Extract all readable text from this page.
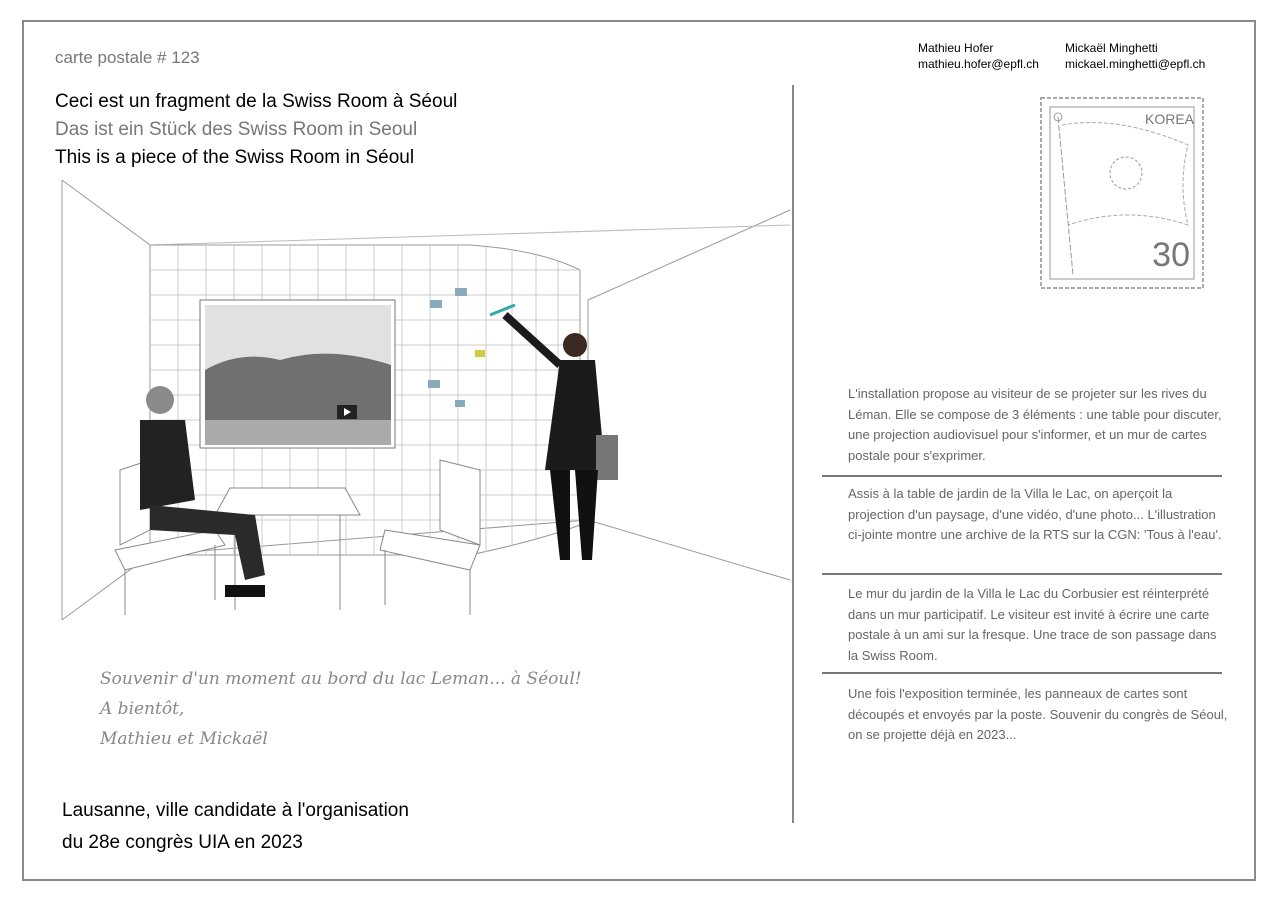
carte postale # 123
Ceci est un fragment de la Swiss Room à Séoul
Das ist ein Stück des Swiss Room in Seoul
This is a piece of the Swiss Room in Séoul
Souvenir d'un moment au bord du lac Leman... à Séoul!
A bientôt,
Mathieu et Mickaël
Lausanne, ville candidate à l'organisation
du 28e congrès UIA en 2023
Mathieu Hofer
mathieu.hofer@epfl.ch
Mickaël Minghetti
mickael.minghetti@epfl.ch
KOREA
30
L'installation propose au visiteur de se projeter sur les rives du Léman. Elle se compose de 3 éléments : une table pour discuter, une projection audiovisuel pour s'informer, et un mur de cartes postale pour s'exprimer.
Assis à la table de jardin de la Villa le Lac, on aperçoit la projection d'un paysage, d'une vidéo, d'une photo... L'illustration ci-jointe montre une archive de la RTS sur la CGN: 'Tous à l'eau'.
Le mur du jardin de la Villa le Lac du Corbusier est réinterprété dans un mur participatif. Le visiteur est invité à écrire une carte postale à un ami sur la fresque. Une trace de son passage dans la Swiss Room.
Une fois l'exposition terminée, les panneaux de cartes sont découpés et envoyés par la poste. Souvenir du congrès de Séoul, on se projette déjà en 2023...
